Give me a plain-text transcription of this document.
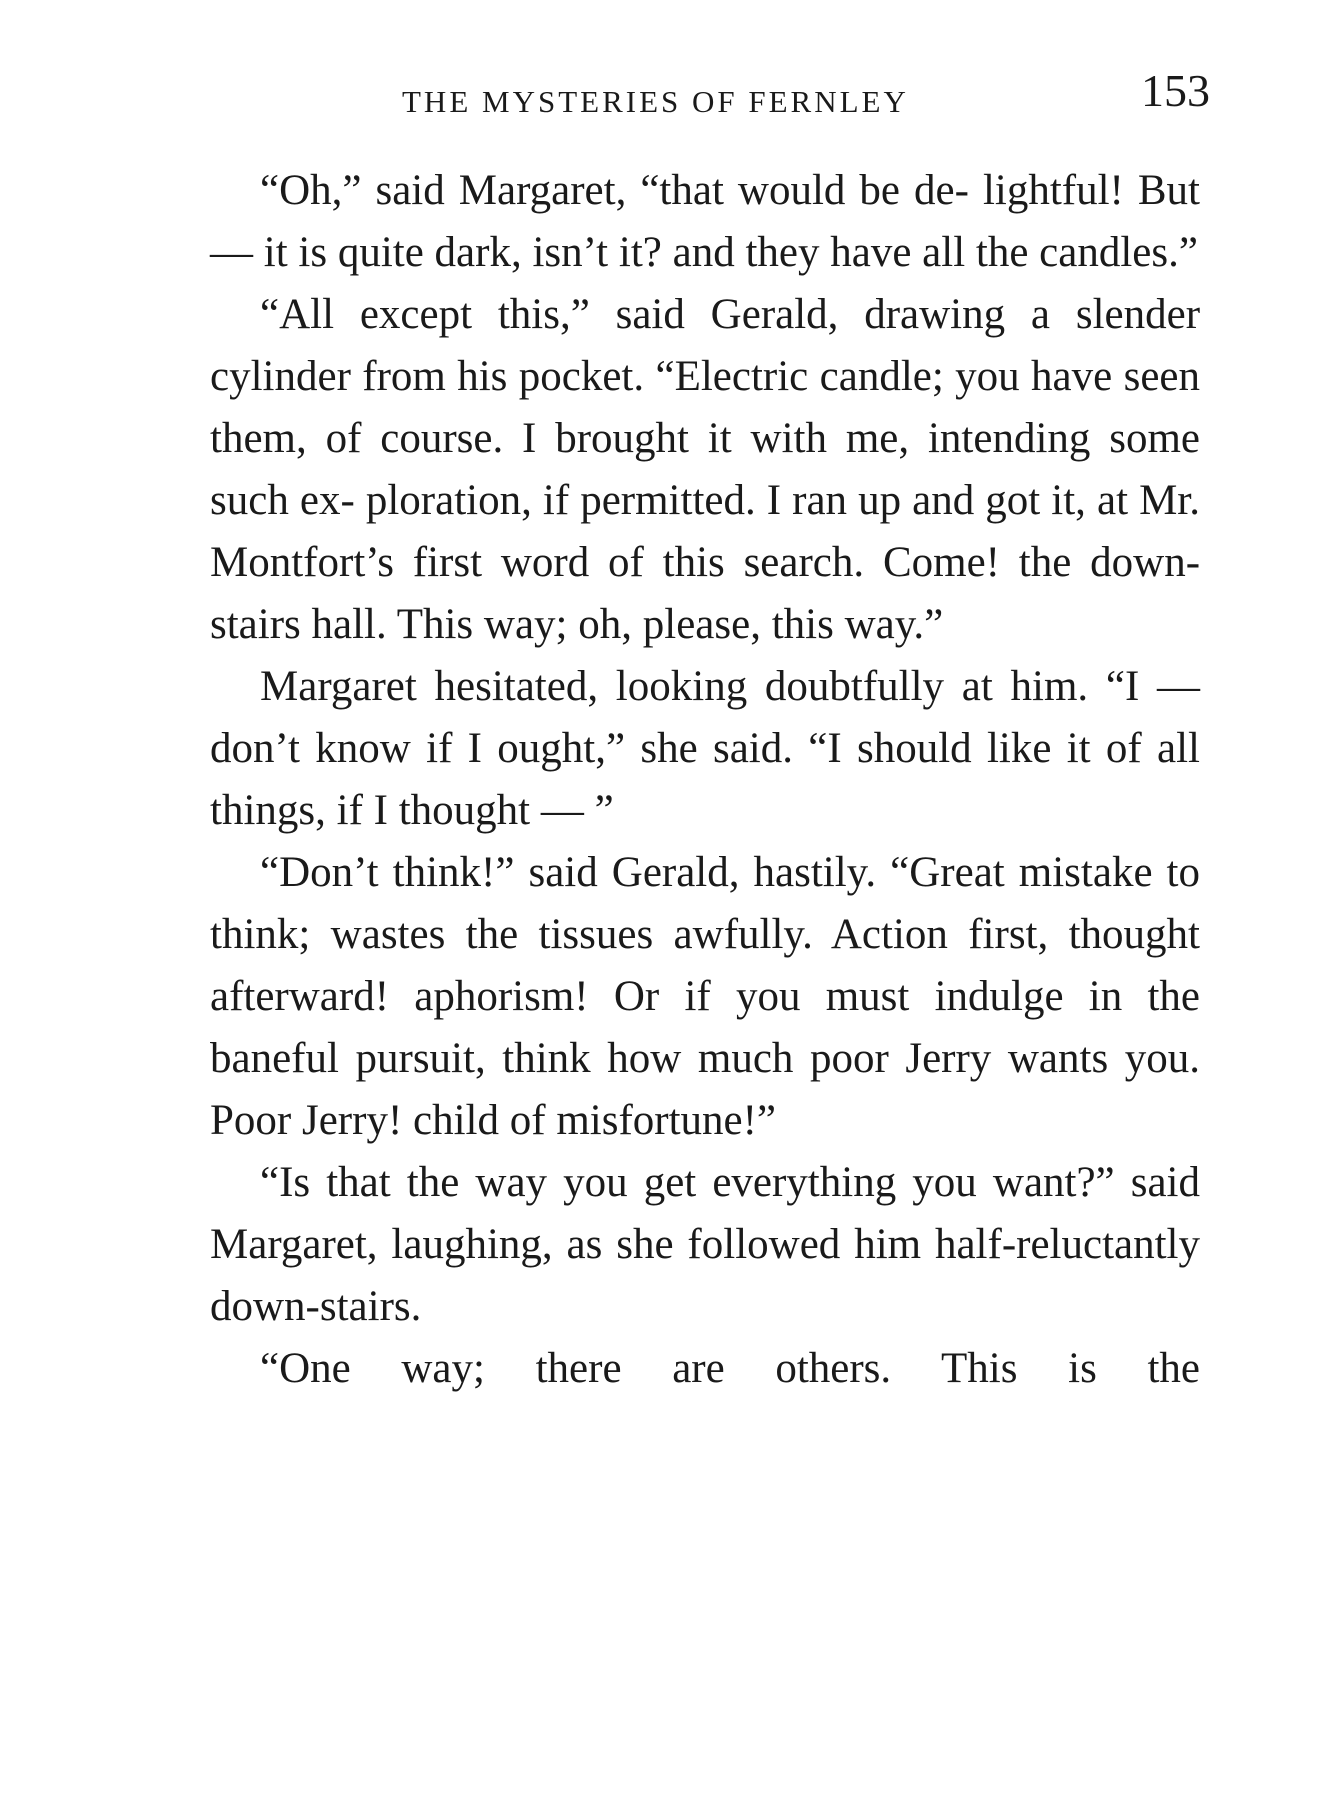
THE MYSTERIES OF FERNLEY	153

“Oh,” said Margaret, “that would be de- lightful! But — it is quite dark, isn’t it? and they have all the candles.”

“All except this,” said Gerald, drawing a slender cylinder from his pocket. “Electric candle; you have seen them, of course. I brought it with me, intending some such ex- ploration, if permitted. I ran up and got it, at Mr. Montfort’s first word of this search. Come! the down-stairs hall. This way; oh, please, this way.”

Margaret hesitated, looking doubtfully at him. “I — don’t know if I ought,” she said. “I should like it of all things, if I thought — ”

“Don’t think!” said Gerald, hastily. “Great mistake to think; wastes the tissues awfully. Action first, thought afterward! aphorism! Or if you must indulge in the baneful pursuit, think how much poor Jerry wants you. Poor Jerry! child of misfortune!”

“Is that the way you get everything you want?” said Margaret, laughing, as she followed him half-reluctantly down-stairs.

“One way; there are others. This is the
